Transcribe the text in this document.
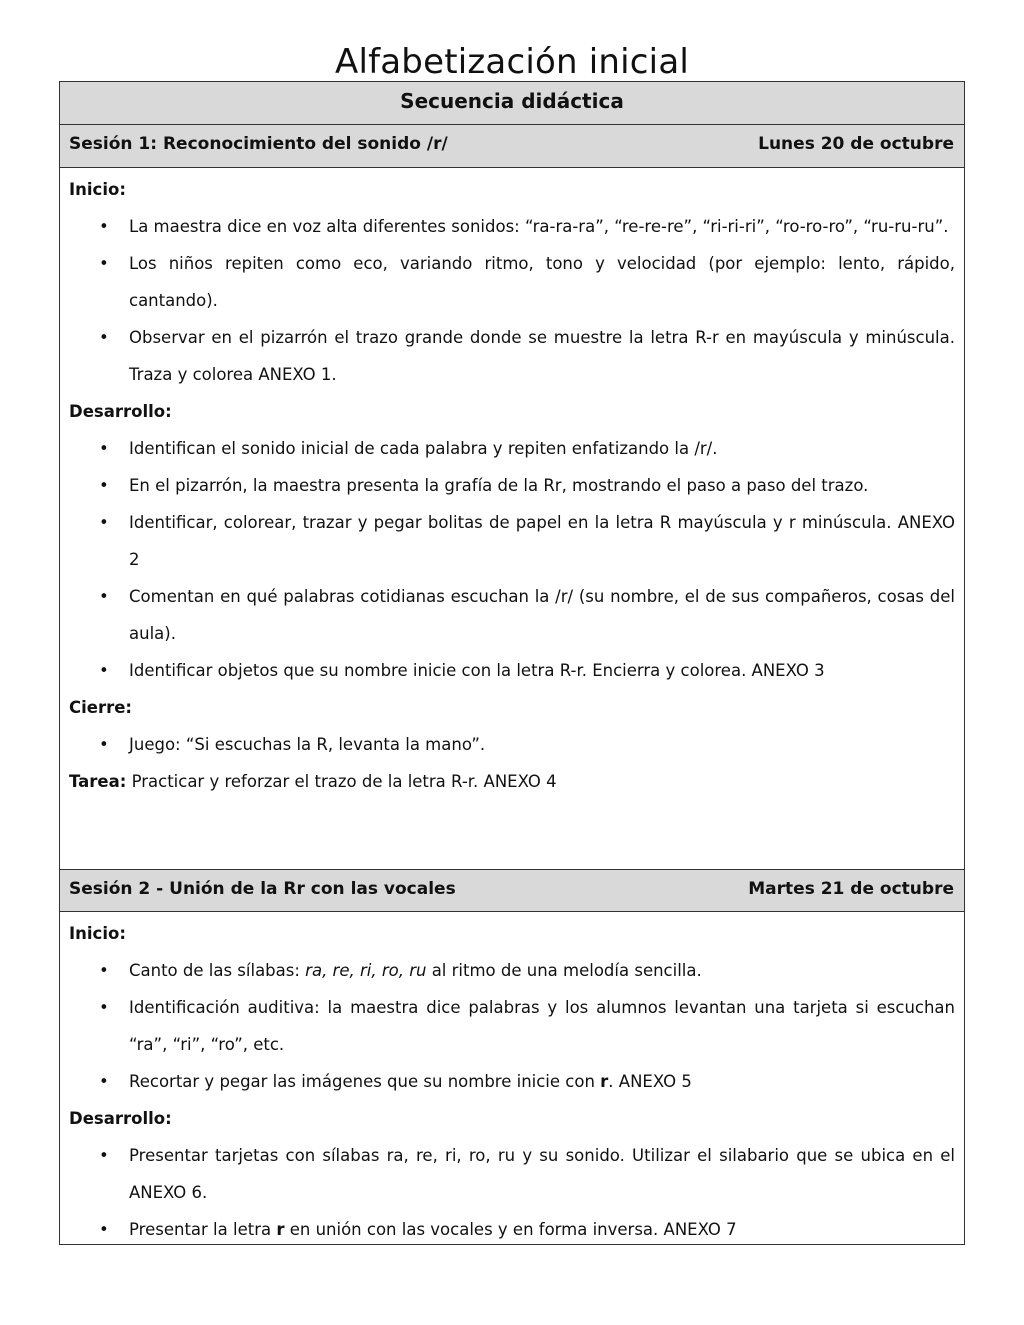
Alfabetización inicial
Secuencia didáctica
Sesión 1: Reconocimiento del sonido /r/	Lunes 20 de octubre

Inicio:

• La maestra dice en voz alta diferentes sonidos: “ra-ra-ra”, “re-re-re”, “ri-ri-ri”, “ro-ro-ro”, “ru-ru-ru”.
• Los niños repiten como eco, variando ritmo, tono y velocidad (por ejemplo: lento, rápido, cantando).
• Observar en el pizarrón el trazo grande donde se muestre la letra R-r en mayúscula y minúscula. Traza y colorea ANEXO 1.

Desarrollo:

• Identifican el sonido inicial de cada palabra y repiten enfatizando la /r/.
• En el pizarrón, la maestra presenta la grafía de la Rr, mostrando el paso a paso del trazo.
• Identificar, colorear, trazar y pegar bolitas de papel en la letra R mayúscula y r minúscula. ANEXO 2
• Comentan en qué palabras cotidianas escuchan la /r/ (su nombre, el de sus compañeros, cosas del aula).
• Identificar objetos que su nombre inicie con la letra R-r. Encierra y colorea. ANEXO 3

Cierre:

• Juego: “Si escuchas la R, levanta la mano”.

Tarea: Practicar y reforzar el trazo de la letra R-r. ANEXO 4

Sesión 2 - Unión de la Rr con las vocales	Martes 21 de octubre

Inicio:

• Canto de las sílabas: ra, re, ri, ro, ru al ritmo de una melodía sencilla.
• Identificación auditiva: la maestra dice palabras y los alumnos levantan una tarjeta si escuchan “ra”, “ri”, “ro”, etc.
• Recortar y pegar las imágenes que su nombre inicie con r. ANEXO 5

Desarrollo:

• Presentar tarjetas con sílabas ra, re, ri, ro, ru y su sonido. Utilizar el silabario que se ubica en el ANEXO 6.
• Presentar la letra r en unión con las vocales y en forma inversa. ANEXO 7
